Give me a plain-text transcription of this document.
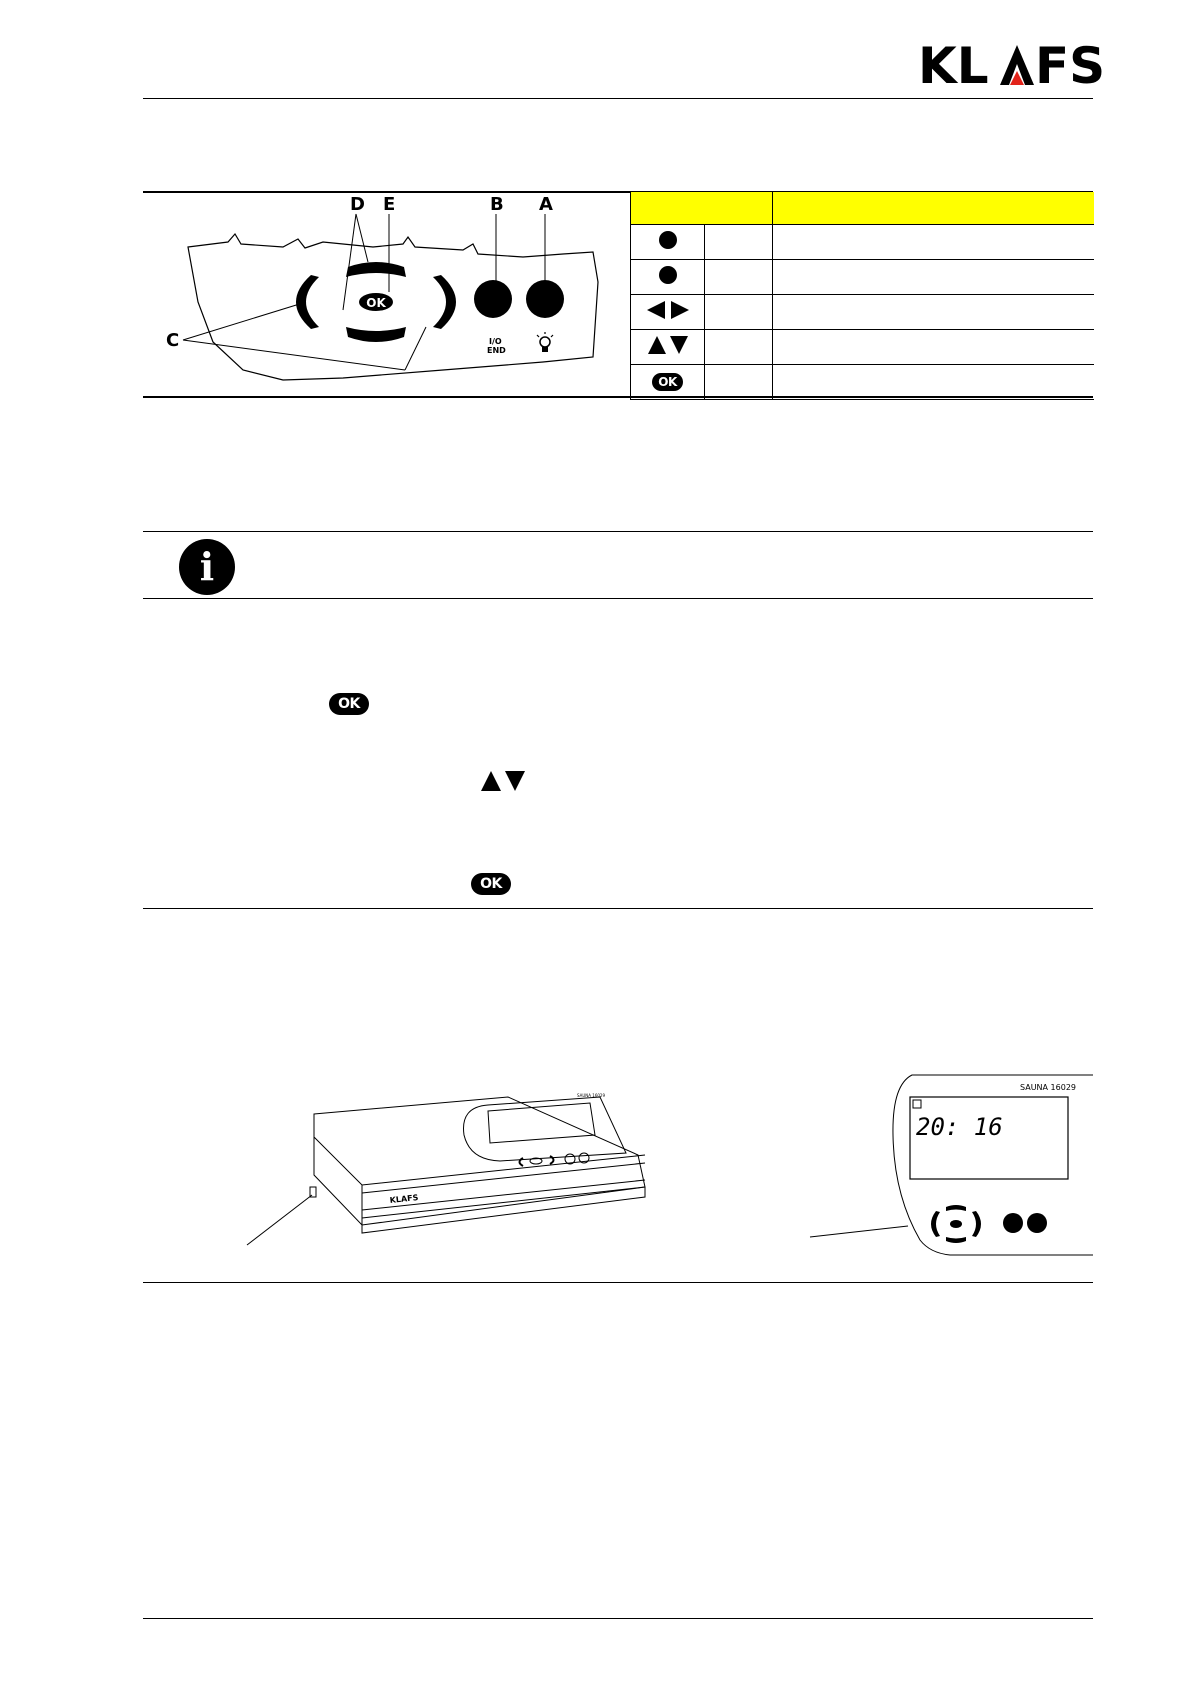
KL FS
OK
I/O
END
D E	B A
C

OK		
i
OK
OK
SAUNA 16029
KLAFS
SAUNA 16029
20: 16
